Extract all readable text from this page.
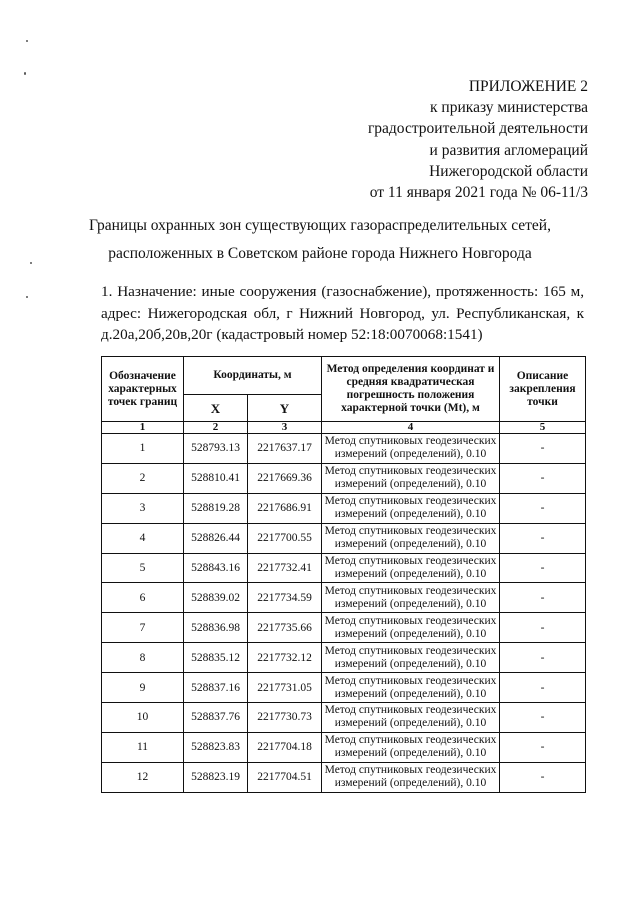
ПРИЛОЖЕНИЕ 2
к приказу министерства
градостроительной деятельности
и развития агломераций
Нижегородской области
от 11 января 2021 года № 06-11/3
Границы охранных зон существующих газораспределительных сетей,
расположенных в Советском районе города Нижнего Новгорода
1. Назначение: иные сооружения (газоснабжение), протяженность: 165 м,
адрес: Нижегородская обл, г Нижний Новгород, ул. Республиканская, к
д.20а,20б,20в,20г (кадастровый номер 52:18:0070068:1541)
Обозначение характерных точек границ	Координаты, м		Метод определения координат и средняя квадратическая погрешность положения характерной точки (Mt), м	Описание закрепления точки
	X	Y		
1	2	3	4	5
1	528793.13	2217637.17	Метод спутниковых геодезических измерений (определений), 0.10	-
2	528810.41	2217669.36	Метод спутниковых геодезических измерений (определений), 0.10	-
3	528819.28	2217686.91	Метод спутниковых геодезических измерений (определений), 0.10	-
4	528826.44	2217700.55	Метод спутниковых геодезических измерений (определений), 0.10	-
5	528843.16	2217732.41	Метод спутниковых геодезических измерений (определений), 0.10	-
6	528839.02	2217734.59	Метод спутниковых геодезических измерений (определений), 0.10	-
7	528836.98	2217735.66	Метод спутниковых геодезических измерений (определений), 0.10	-
8	528835.12	2217732.12	Метод спутниковых геодезических измерений (определений), 0.10	-
9	528837.16	2217731.05	Метод спутниковых геодезических измерений (определений), 0.10	-
10	528837.76	2217730.73	Метод спутниковых геодезических измерений (определений), 0.10	-
11	528823.83	2217704.18	Метод спутниковых геодезических измерений (определений), 0.10	-
12	528823.19	2217704.51	Метод спутниковых геодезических измерений (определений), 0.10	-
